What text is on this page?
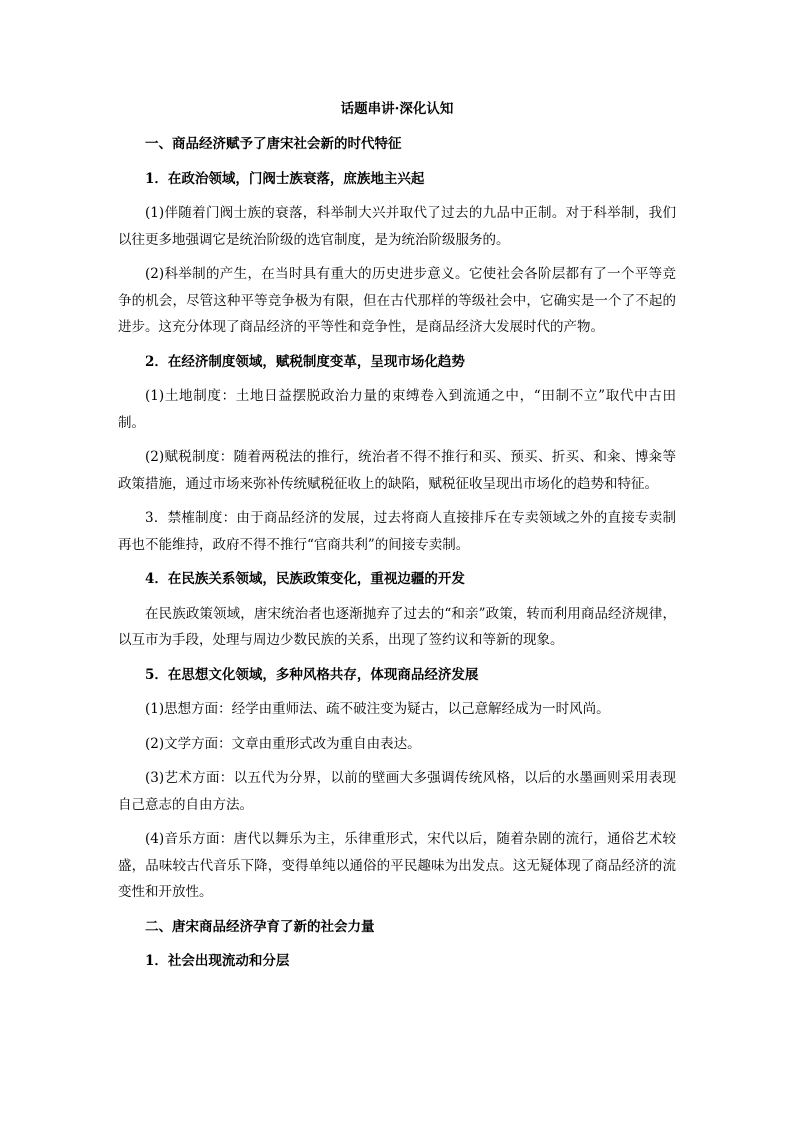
话题串讲·深化认知

一、商品经济赋予了唐宋社会新的时代特征

1．在政治领域，门阀士族衰落，庶族地主兴起

(1)伴随着门阀士族的衰落，科举制大兴并取代了过去的九品中正制。对于科举制，我们以往更多地强调它是统治阶级的选官制度，是为统治阶级服务的。

(2)科举制的产生，在当时具有重大的历史进步意义。它使社会各阶层都有了一个平等竞争的机会，尽管这种平等竞争极为有限，但在古代那样的等级社会中，它确实是一个了不起的进步。这充分体现了商品经济的平等性和竞争性，是商品经济大发展时代的产物。

2．在经济制度领域，赋税制度变革，呈现市场化趋势

(1)土地制度：土地日益摆脱政治力量的束缚卷入到流通之中，“田制不立”取代中古田制。

(2)赋税制度：随着两税法的推行，统治者不得不推行和买、预买、折买、和籴、博籴等政策措施，通过市场来弥补传统赋税征收上的缺陷，赋税征收呈现出市场化的趋势和特征。

3．禁榷制度：由于商品经济的发展，过去将商人直接排斥在专卖领域之外的直接专卖制再也不能维持，政府不得不推行“官商共利”的间接专卖制。

4．在民族关系领域，民族政策变化，重视边疆的开发

在民族政策领域，唐宋统治者也逐渐抛弃了过去的“和亲”政策，转而利用商品经济规律，以互市为手段，处理与周边少数民族的关系，出现了签约议和等新的现象。

5．在思想文化领域，多种风格共存，体现商品经济发展

(1)思想方面：经学由重师法、疏不破注变为疑古，以己意解经成为一时风尚。

(2)文学方面：文章由重形式改为重自由表达。

(3)艺术方面：以五代为分界，以前的壁画大多强调传统风格，以后的水墨画则采用表现自己意志的自由方法。

(4)音乐方面：唐代以舞乐为主，乐律重形式，宋代以后，随着杂剧的流行，通俗艺术较盛，品味较古代音乐下降，变得单纯以通俗的平民趣味为出发点。这无疑体现了商品经济的流变性和开放性。

二、唐宋商品经济孕育了新的社会力量

1．社会出现流动和分层
